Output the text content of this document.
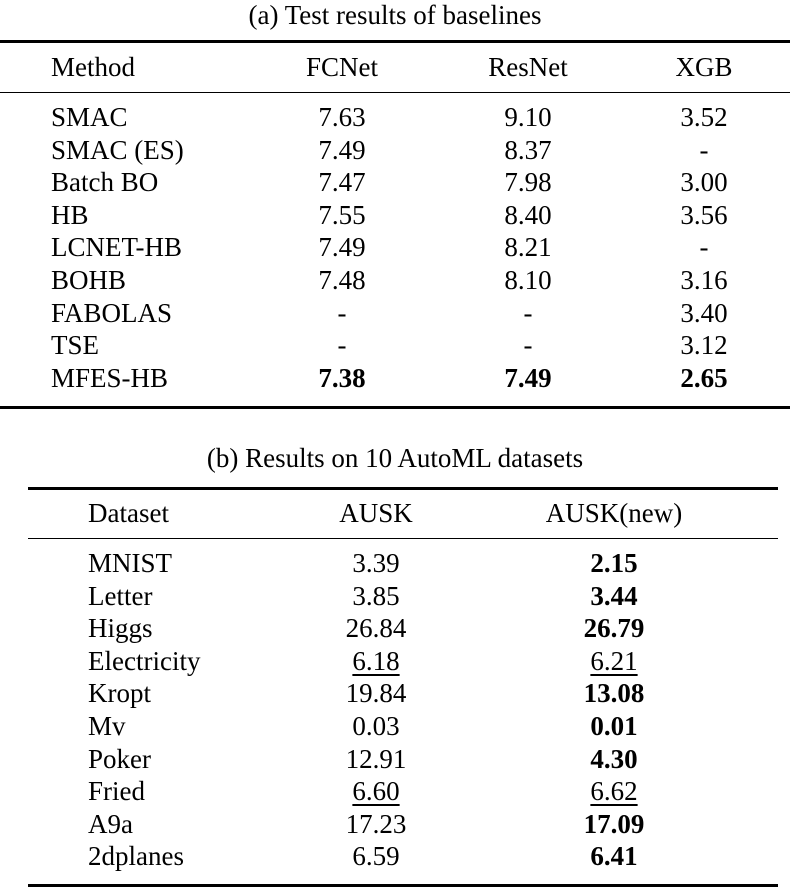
(a) Test results of baselines
Method	FCNet	ResNet	XGB
SMAC	7.63	9.10	3.52
SMAC (ES)	7.49	8.37	-
Batch BO	7.47	7.98	3.00
HB	7.55	8.40	3.56
LCNET-HB	7.49	8.21	-
BOHB	7.48	8.10	3.16
FABOLAS	-	-	3.40
TSE	-	-	3.12
MFES-HB	7.38	7.49	2.65
(b) Results on 10 AutoML datasets
Dataset	AUSK	AUSK(new)
MNIST	3.39	2.15
Letter	3.85	3.44
Higgs	26.84	26.79
Electricity	6.18	6.21
Kropt	19.84	13.08
Mv	0.03	0.01
Poker	12.91	4.30
Fried	6.60	6.62
A9a	17.23	17.09
2dplanes	6.59	6.41
